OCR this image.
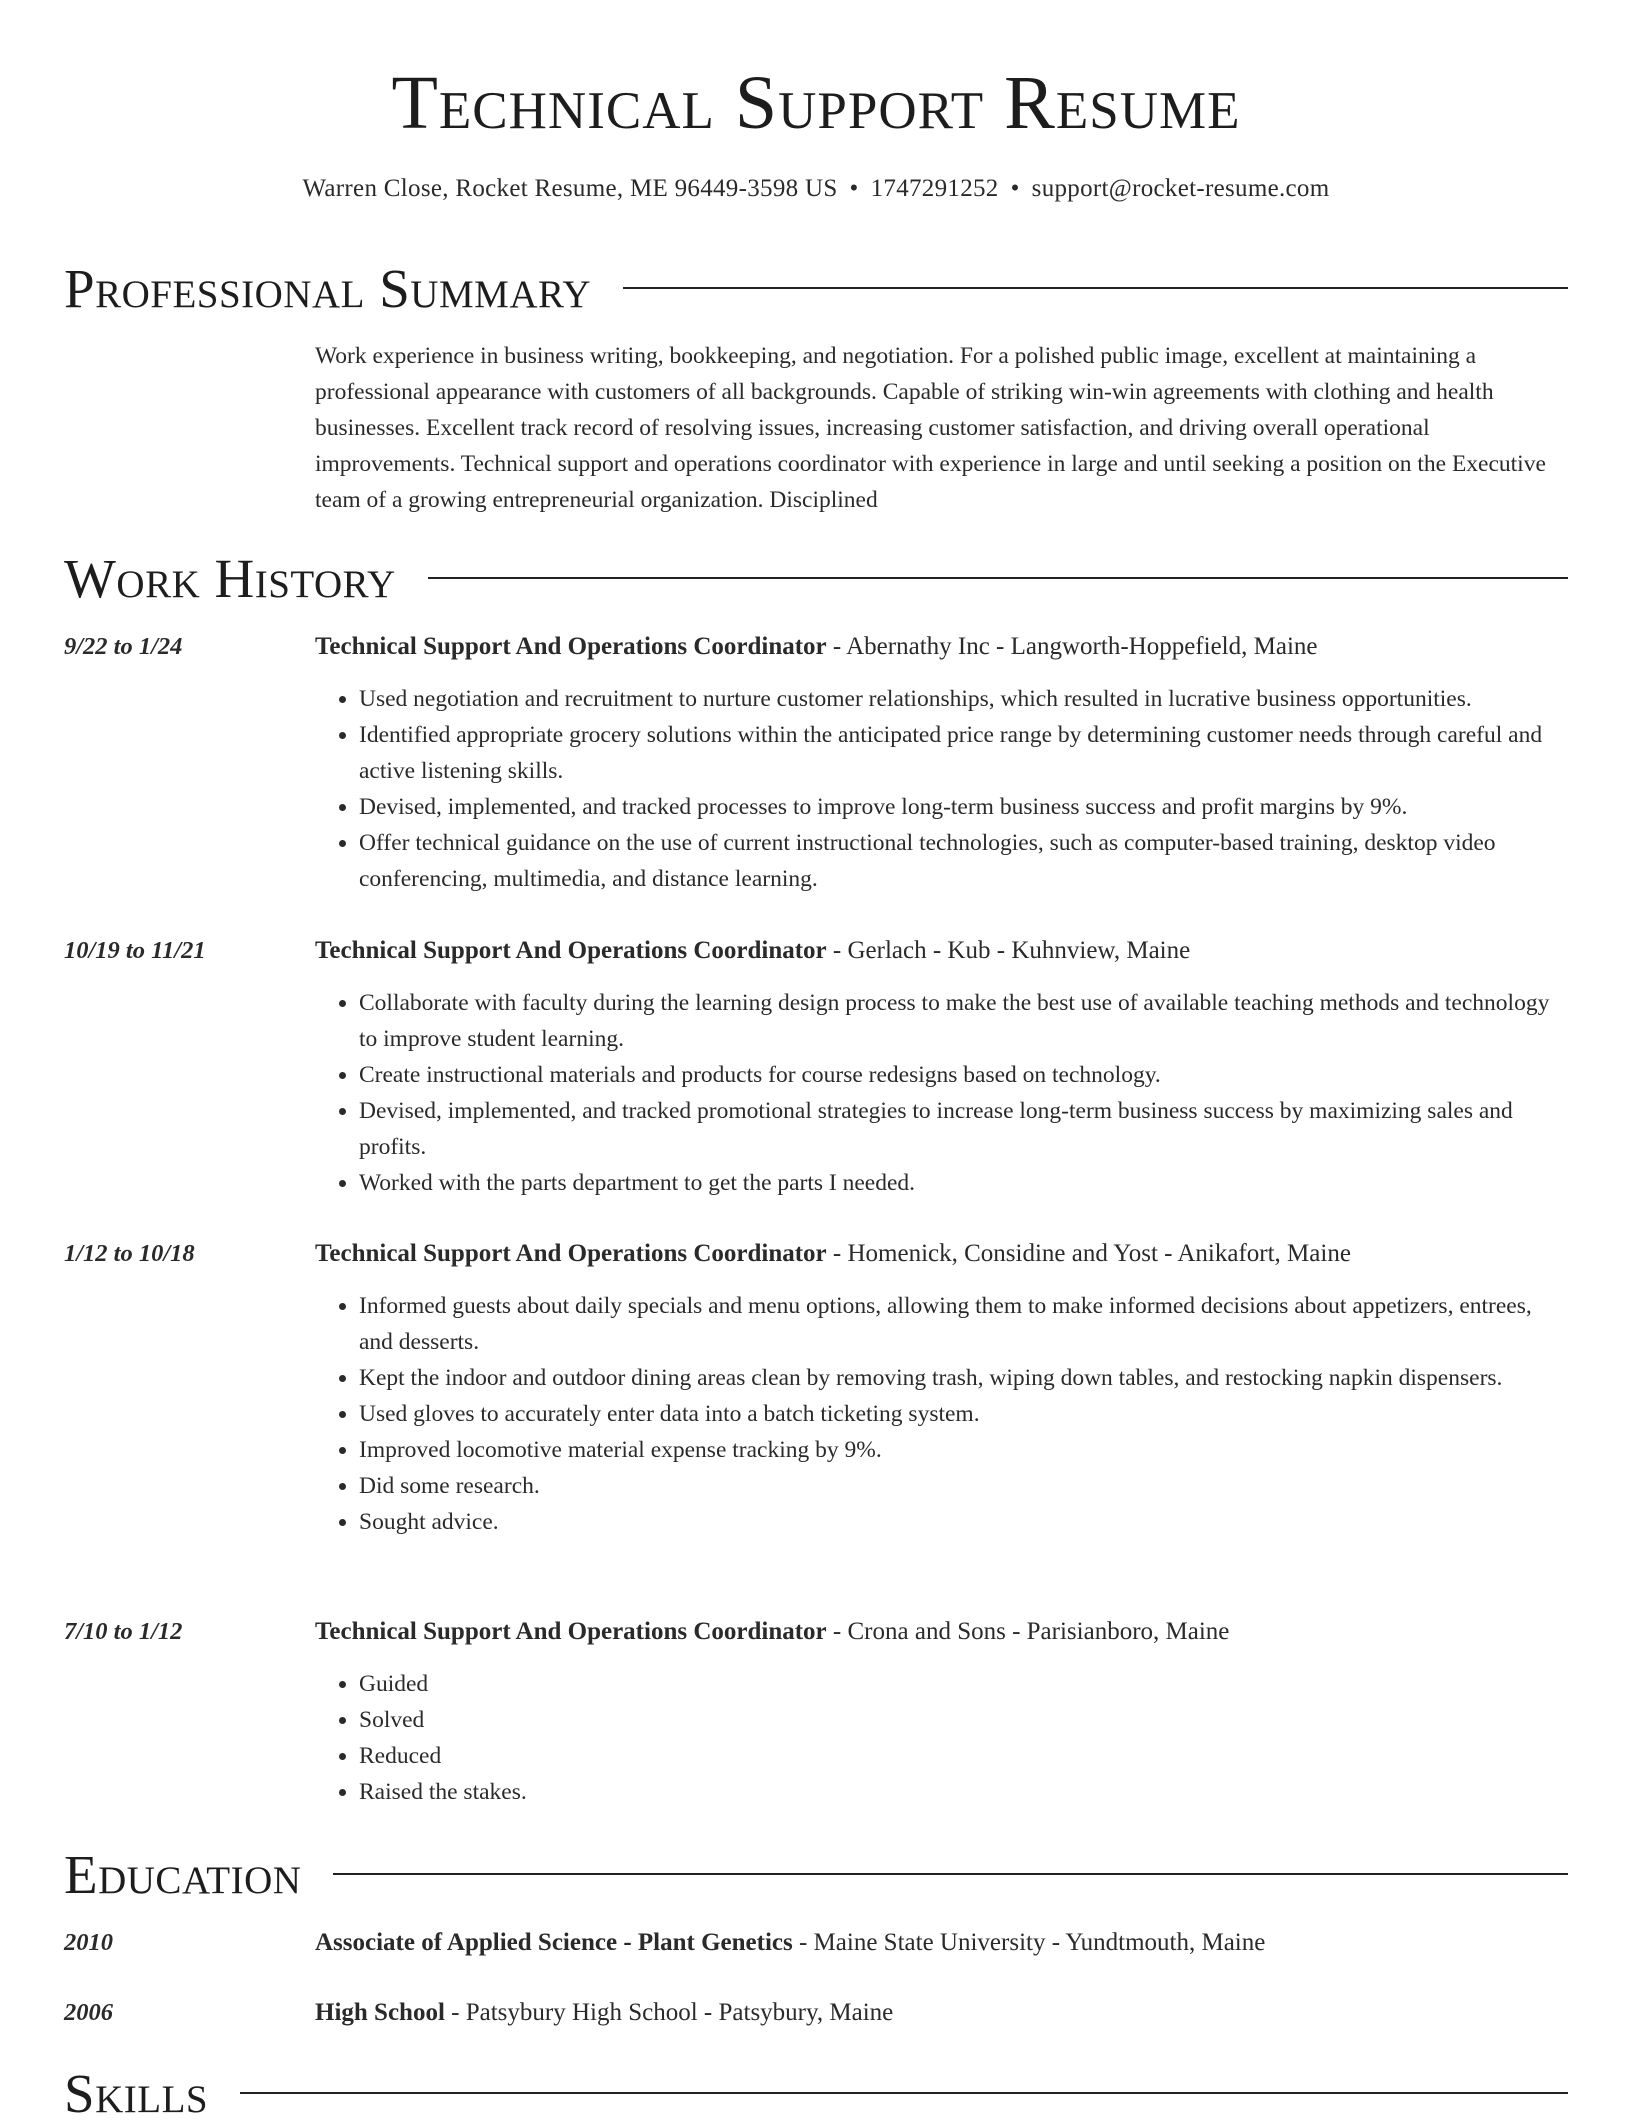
Technical Support Resume
Warren Close, Rocket Resume, ME 96449-3598 US • 1747291252 • support@rocket-resume.com
Professional Summary
Work experience in business writing, bookkeeping, and negotiation. For a polished public image, excellent at maintaining a professional appearance with customers of all backgrounds. Capable of striking win-win agreements with clothing and health businesses. Excellent track record of resolving issues, increasing customer satisfaction, and driving overall operational improvements. Technical support and operations coordinator with experience in large and until seeking a position on the Executive team of a growing entrepreneurial organization. Disciplined
Work History
9/22 to 1/24	Technical Support And Operations Coordinator - Abernathy Inc - Langworth-Hoppefield, Maine
• Used negotiation and recruitment to nurture customer relationships, which resulted in lucrative business opportunities.
• Identified appropriate grocery solutions within the anticipated price range by determining customer needs through careful and active listening skills.
• Devised, implemented, and tracked processes to improve long-term business success and profit margins by 9%.
• Offer technical guidance on the use of current instructional technologies, such as computer-based training, desktop video conferencing, multimedia, and distance learning.
10/19 to 11/21	Technical Support And Operations Coordinator - Gerlach - Kub - Kuhnview, Maine
• Collaborate with faculty during the learning design process to make the best use of available teaching methods and technology to improve student learning.
• Create instructional materials and products for course redesigns based on technology.
• Devised, implemented, and tracked promotional strategies to increase long-term business success by maximizing sales and profits.
• Worked with the parts department to get the parts I needed.
1/12 to 10/18	Technical Support And Operations Coordinator - Homenick, Considine and Yost - Anikafort, Maine
• Informed guests about daily specials and menu options, allowing them to make informed decisions about appetizers, entrees, and desserts.
• Kept the indoor and outdoor dining areas clean by removing trash, wiping down tables, and restocking napkin dispensers.
• Used gloves to accurately enter data into a batch ticketing system.
• Improved locomotive material expense tracking by 9%.
• Did some research.
• Sought advice.
7/10 to 1/12	Technical Support And Operations Coordinator - Crona and Sons - Parisianboro, Maine
• Guided
• Solved
• Reduced
• Raised the stakes.
Education
2010	Associate of Applied Science - Plant Genetics - Maine State University - Yundtmouth, Maine
2006	High School - Patsybury High School - Patsybury, Maine
Skills
